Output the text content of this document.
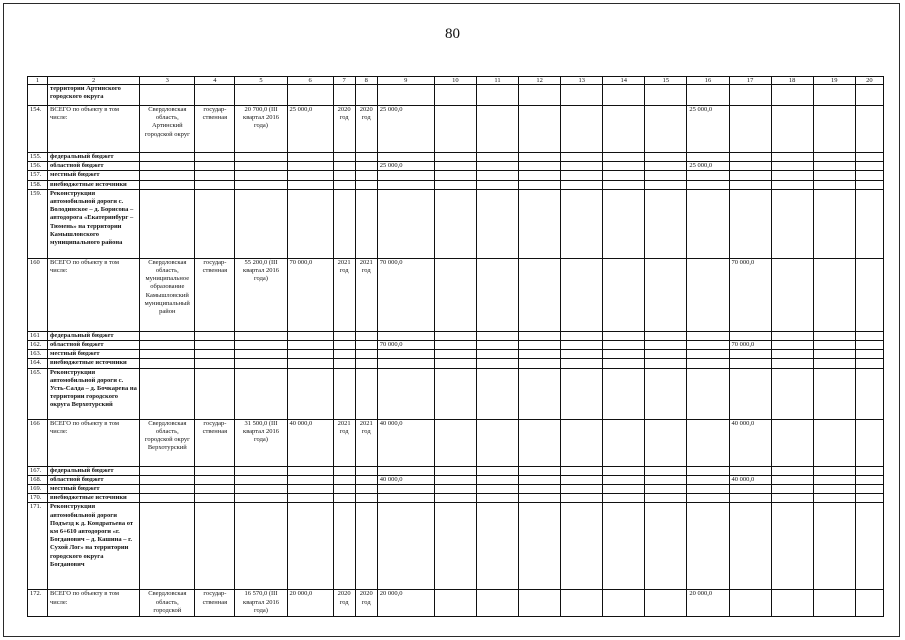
80
1	2	3	4	5	6	7	8	9	10	11	12	13	14	15	16	17	18	19	20
	территории Артинского городского округа																		
154.	ВСЕГО по объекту в том числе:	Свердловская область, Артинский городской округ	государ-ственная	20 700,0 (III квартал 2016 года)	25 000,0	2020 год	2020 год	25 000,0							25 000,0				
155.	федеральный бюджет																		
156.	областной бюджет							25 000,0							25 000,0				
157.	местный бюджет																		
158.	внебюджетные источники																		
159.	Реконструкция автомобильной дороги с. Володинское – д. Борисова – автодорога «Екатеринбург – Тюмень» на территории Камышловского муниципального района																		
160	ВСЕГО по объекту в том числе:	Свердловская область, муниципальное образование Камышловский муниципальный район	государ-ственная	55 200,0 (III квартал 2016 года)	70 000,0	2021 год	2021 год	70 000,0								70 000,0			
161	федеральный бюджет																		
162.	областной бюджет							70 000,0								70 000,0			
163.	местный бюджет																		
164.	внебюджетные источники																		
165.	Реконструкция автомобильной дороги с. Усть-Салда – д. Бочкарева на территории городского округа Верхотурский																		
166	ВСЕГО по объекту в том числе:	Свердловская область, городской округ Верхотурский	государ-ственная	31 500,0 (III квартал 2016 года)	40 000,0	2021 год	2021 год	40 000,0								40 000,0			
167.	федеральный бюджет																		
168.	областной бюджет							40 000,0								40 000,0			
169.	местный бюджет																		
170.	внебюджетные источники																		
171.	Реконструкция автомобильной дороги Подъезд к д. Кондратьева от км 6+610 автодороги «г. Богданович – д. Кашина – г. Сухой Лог» на территории городского округа Богданович																		
172.	ВСЕГО по объекту в том числе:	Свердловская область, городской	государ-ственная	16 570,0 (III квартал 2016 года)	20 000,0	2020 год	2020 год	20 000,0							20 000,0				
